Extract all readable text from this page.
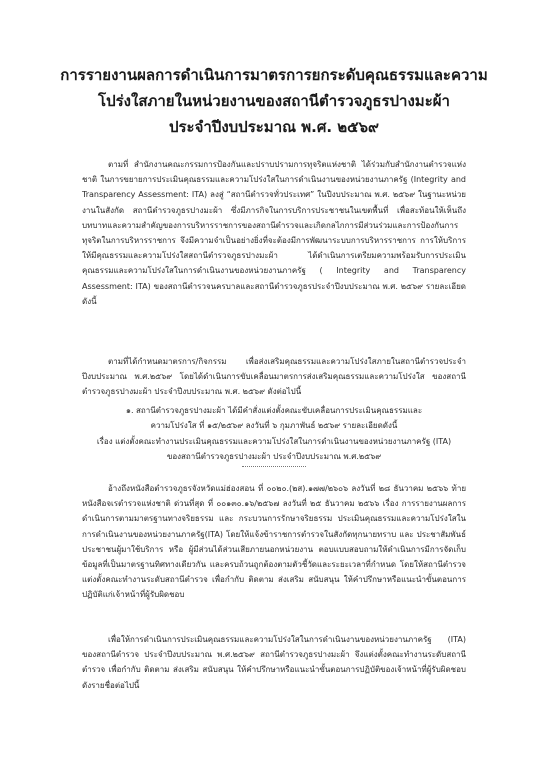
การรายงานผลการดำเนินการมาตรการยกระดับคุณธรรมและความ
โปร่งใสภายในหน่วยงานของสถานีตำรวจภูธรปางมะผ้า
ประจำปีงบประมาณ พ.ศ. ๒๕๖๙

ตามที่ สำนักงานคณะกรรมการป้องกันและปราบปรามการทุจริตแห่งชาติ ได้ร่วมกับสำนักงานตำรวจแห่งชาติ ในการขยายการประเมินคุณธรรมและความโปร่งใสในการดำเนินงานของหน่วยงานภาครัฐ (Integrity and Transparency Assessment: ITA) ลงสู่ “สถานีตำรวจทั่วประเทศ” ในปีงบประมาณ พ.ศ. ๒๕๖๙ ในฐานะหน่วยงานในสังกัด สถานีตำรวจภูธรปางมะผ้า ซึ่งมีภารกิจในการบริการประชาชนในเขตพื้นที่ เพื่อสะท้อนให้เห็นถึงบทบาทและความสำคัญของการบริหารราชการของสถานีตำรวจและเกิดกลไกการมีส่วนร่วมและการป้องกันการทุจริตในการบริหารราชการ จึงมีความจำเป็นอย่างยิ่งที่จะต้องมีการพัฒนาระบบการบริหารราชการ การให้บริการ ให้มีคุณธรรมและความโปร่งใสสถานีตำรวจภูธรปางมะผ้า ได้ดำเนินการเตรียมความพร้อมรับการประเมินคุณธรรมและความโปร่งใสในการดำเนินงานของหน่วยงานภาครัฐ ( Integrity and Transparency Assessment: ITA) ของสถานีตำรวจนครบาลและสถานีตำรวจภูธรประจำปีงบประมาณ พ.ศ. ๒๕๖๙ รายละเอียดดังนี้

ตามที่ได้กำหนดมาตรการ/กิจกรรม เพื่อส่งเสริมคุณธรรมและความโปร่งใสภายในสถานีตำรวจประจำปีงบประมาณ พ.ศ.๒๕๖๙ โดยได้ดำเนินการขับเคลื่อนมาตรการส่งเสริมคุณธรรมและความโปร่งใส ของสถานีตำรวจภูธรปางมะผ้า ประจำปีงบประมาณ พ.ศ. ๒๕๖๙ ดังต่อไปนี้

๑. สถานีตำรวจภูธรปางมะผ้า ได้มีคำสั่งแต่งตั้งคณะขับเคลื่อนการประเมินคุณธรรมและ

ความโปร่งใส ที่ ๑๕/๒๕๖๙ ลงวันที่ ๖ กุมภาพันธ์ ๒๕๖๙ รายละเอียดดังนี้

เรื่อง แต่งตั้งคณะทำงานประเมินคุณธรรมและความโปร่งใสในการดำเนินงานของหน่วยงานภาครัฐ (ITA)

ของสถานีตำรวจภูธรปางมะผ้า ประจำปีงบประมาณ พ.ศ.๒๕๖๙

อ้างถึงหนังสือตำรวจภูธรจังหวัดแม่ฮ่องสอน ที่ ๐๐๒๐.(๒ส).๑๗๗/๒๖๐๖ ลงวันที่ ๒๘ ธันวาคม ๒๕๖๖ ท้ายหนังสือจเรตำรวจแห่งชาติ ด่วนที่สุด ที่ ๐๐๑๓๐.๑๖/๒๕๖๗ ลงวันที่ ๒๕ ธันวาคม ๒๕๖๖ เรื่อง การรายงานผลการดำเนินการตามมาตรฐานทางจริยธรรม และ กระบวนการรักษาจริยธรรม ประเมินคุณธรรมและความโปร่งใสในการดำเนินงานของหน่วยงานภาครัฐ(ITA) โดยให้แจ้งข้าราชการตำรวจในสังกัดทุกนายทราบ และ ประชาสัมพันธ์ประชาชนผู้มาใช้บริการ หรือ ผู้มีส่วนได้ส่วนเสียภายนอกหน่วยงาน ตอบแบบสอบถามให้ดำเนินการมีการจัดเก็บข้อมูลที่เป็นมาตรฐานทิศทางเดียวกัน และครบถ้วนถูกต้องตามตัวชี้วัดและระยะเวลาที่กำหนด โดยให้สถานีตำรวจแต่งตั้งคณะทำงานระดับสถานีตำรวจ เพื่อกำกับ ติดตาม ส่งเสริม สนับสนุน ให้คำปรึกษาหรือแนะนำขั้นตอนการปฏิบัติแก่เจ้าหน้าที่ผู้รับผิดชอบ

เพื่อให้การดำเนินการประเมินคุณธรรมและความโปร่งใสในการดำเนินงานของหน่วยงานภาครัฐ (ITA) ของสถานีตำรวจ ประจำปีงบประมาณ พ.ศ.๒๕๖๙ สถานีตำรวจภูธรปางมะผ้า จึงแต่งตั้งคณะทำงานระดับสถานีตำรวจ เพื่อกำกับ ติดตาม ส่งเสริม สนับสนุน ให้คำปรึกษาหรือแนะนำขั้นตอนการปฏิบัติของเจ้าหน้าที่ผู้รับผิดชอบ ดังรายชื่อต่อไปนี้
